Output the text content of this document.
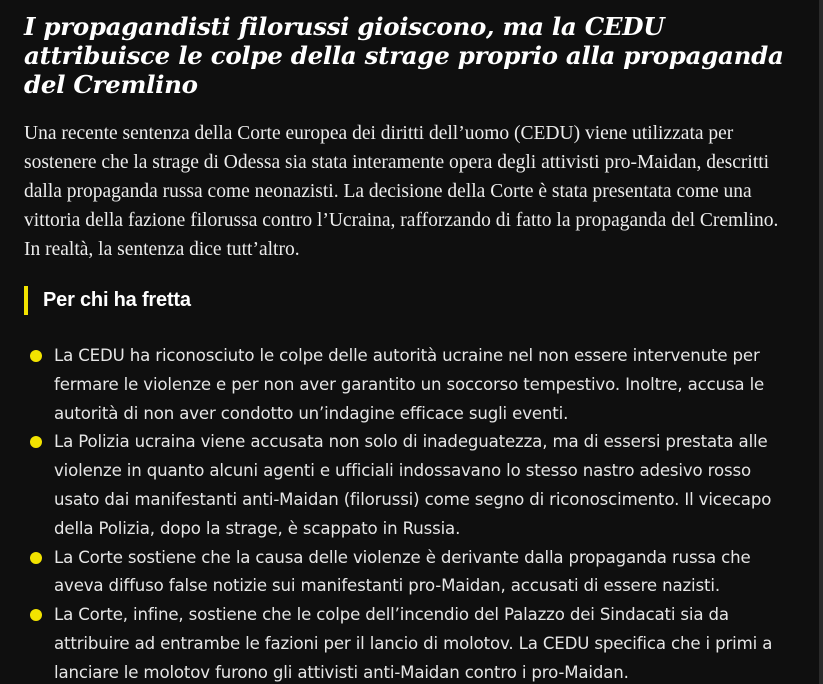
I propagandisti filorussi gioiscono, ma la CEDU attribuisce le colpe della strage proprio alla propaganda del Cremlino

Una recente sentenza della Corte europea dei diritti dell’uomo (CEDU) viene utilizzata per sostenere che la strage di Odessa sia stata interamente opera degli attivisti pro-Maidan, descritti dalla propaganda russa come neonazisti. La decisione della Corte è stata presentata come una vittoria della fazione filorussa contro l’Ucraina, rafforzando di fatto la propaganda del Cremlino. In realtà, la sentenza dice tutt’altro.

Per chi ha fretta
La CEDU ha riconosciuto le colpe delle autorità ucraine nel non essere intervenute per fermare le violenze e per non aver garantito un soccorso tempestivo. Inoltre, accusa le autorità di non aver condotto un’indagine efficace sugli eventi.
La Polizia ucraina viene accusata non solo di inadeguatezza, ma di essersi prestata alle violenze in quanto alcuni agenti e ufficiali indossavano lo stesso nastro adesivo rosso usato dai manifestanti anti-Maidan (filorussi) come segno di riconoscimento. Il vicecapo della Polizia, dopo la strage, è scappato in Russia.
La Corte sostiene che la causa delle violenze è derivante dalla propaganda russa che aveva diffuso false notizie sui manifestanti pro-Maidan, accusati di essere nazisti.
La Corte, infine, sostiene che le colpe dell’incendio del Palazzo dei Sindacati sia da attribuire ad entrambe le fazioni per il lancio di molotov. La CEDU specifica che i primi a lanciare le molotov furono gli attivisti anti-Maidan contro i pro-Maidan.
